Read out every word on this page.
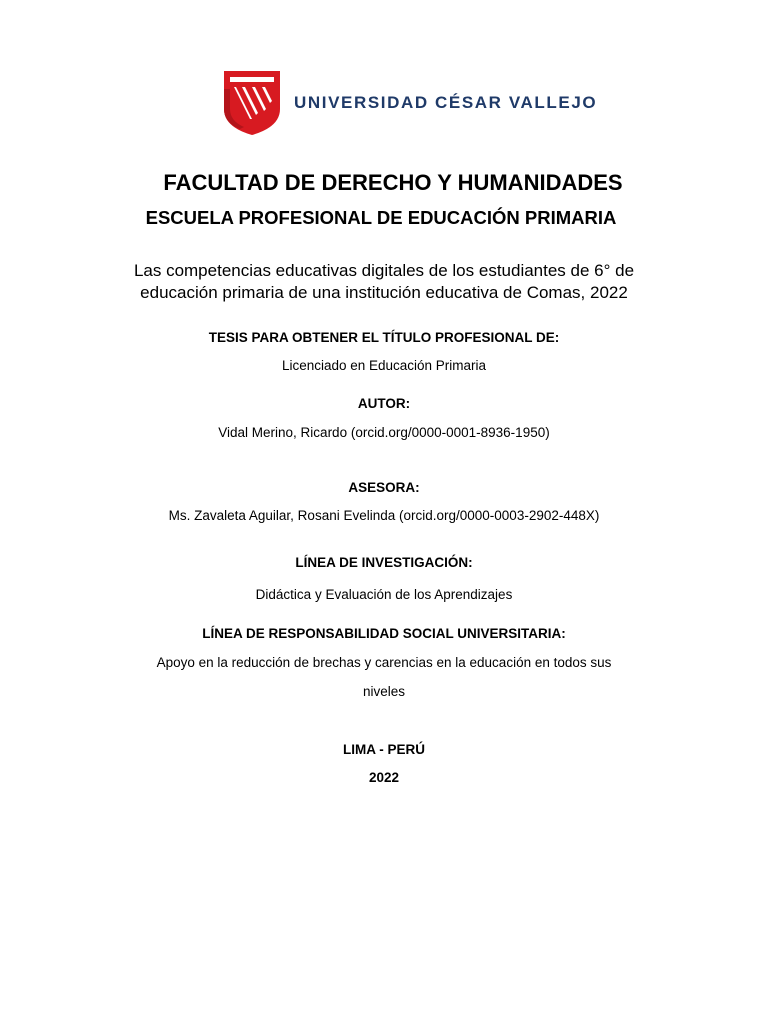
UNIVERSIDAD CÉSAR VALLEJO
FACULTAD DE DERECHO Y HUMANIDADES
ESCUELA PROFESIONAL DE EDUCACIÓN PRIMARIA
Las competencias educativas digitales de los estudiantes de 6° de
educación primaria de una institución educativa de Comas, 2022
TESIS PARA OBTENER EL TÍTULO PROFESIONAL DE:
Licenciado en Educación Primaria
AUTOR:
Vidal Merino, Ricardo (orcid.org/0000-0001-8936-1950)
ASESORA:
Ms. Zavaleta Aguilar, Rosani Evelinda (orcid.org/0000-0003-2902-448X)
LÍNEA DE INVESTIGACIÓN:
Didáctica y Evaluación de los Aprendizajes
LÍNEA DE RESPONSABILIDAD SOCIAL UNIVERSITARIA:
Apoyo en la reducción de brechas y carencias en la educación en todos sus
niveles
LIMA - PERÚ
2022
